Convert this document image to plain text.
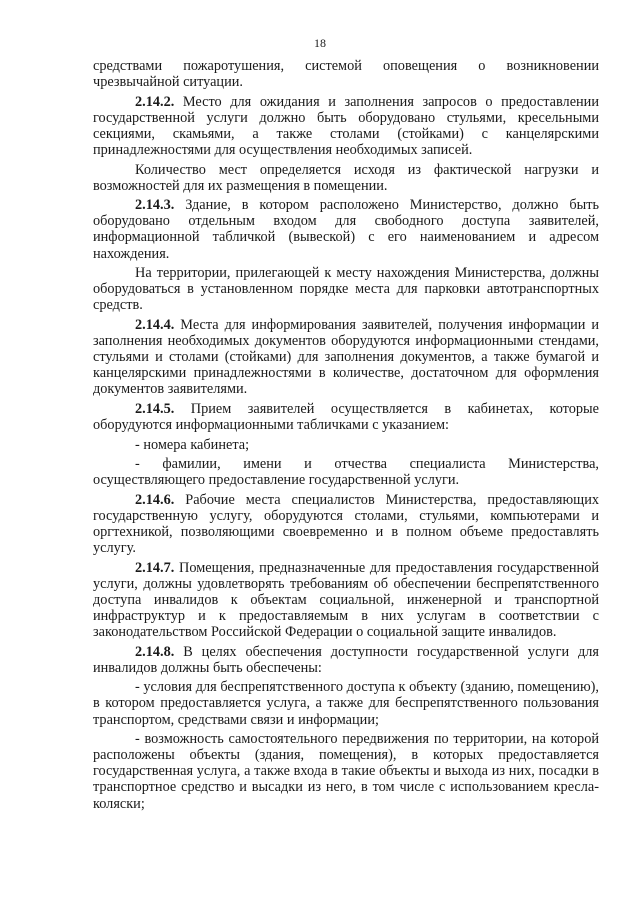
18

средствами пожаротушения, системой оповещения о возникновении чрезвычайной ситуации.

2.14.2. Место для ожидания и заполнения запросов о предоставлении государственной услуги должно быть оборудовано стульями, кресельными секциями, скамьями, а также столами (стойками) с канцелярскими принадлежностями для осуществления необходимых записей.

Количество мест определяется исходя из фактической нагрузки и возможностей для их размещения в помещении.

2.14.3. Здание, в котором расположено Министерство, должно быть оборудовано отдельным входом для свободного доступа заявителей, информационной табличкой (вывеской) с его наименованием и адресом нахождения.

На территории, прилегающей к месту нахождения Министерства, должны оборудоваться в установленном порядке места для парковки автотранспортных средств.

2.14.4. Места для информирования заявителей, получения информации и заполнения необходимых документов оборудуются информационными стендами, стульями и столами (стойками) для заполнения документов, а также бумагой и канцелярскими принадлежностями в количестве, достаточном для оформления документов заявителями.

2.14.5. Прием заявителей осуществляется в кабинетах, которые оборудуются информационными табличками с указанием:

- номера кабинета;

- фамилии, имени и отчества специалиста Министерства, осуществляющего предоставление государственной услуги.

2.14.6. Рабочие места специалистов Министерства, предоставляющих государственную услугу, оборудуются столами, стульями, компьютерами и оргтехникой, позволяющими своевременно и в полном объеме предоставлять услугу.

2.14.7. Помещения, предназначенные для предоставления государственной услуги, должны удовлетворять требованиям об обеспечении беспрепятственного доступа инвалидов к объектам социальной, инженерной и транспортной инфраструктур и к предоставляемым в них услугам в соответствии с законодательством Российской Федерации о социальной защите инвалидов.

2.14.8. В целях обеспечения доступности государственной услуги для инвалидов должны быть обеспечены:

- условия для беспрепятственного доступа к объекту (зданию, помещению), в котором предоставляется услуга, а также для беспрепятственного пользования транспортом, средствами связи и информации;

- возможность самостоятельного передвижения по территории, на которой расположены объекты (здания, помещения), в которых предоставляется государственная услуга, а также входа в такие объекты и выхода из них, посадки в транспортное средство и высадки из него, в том числе с использованием кресла-коляски;
